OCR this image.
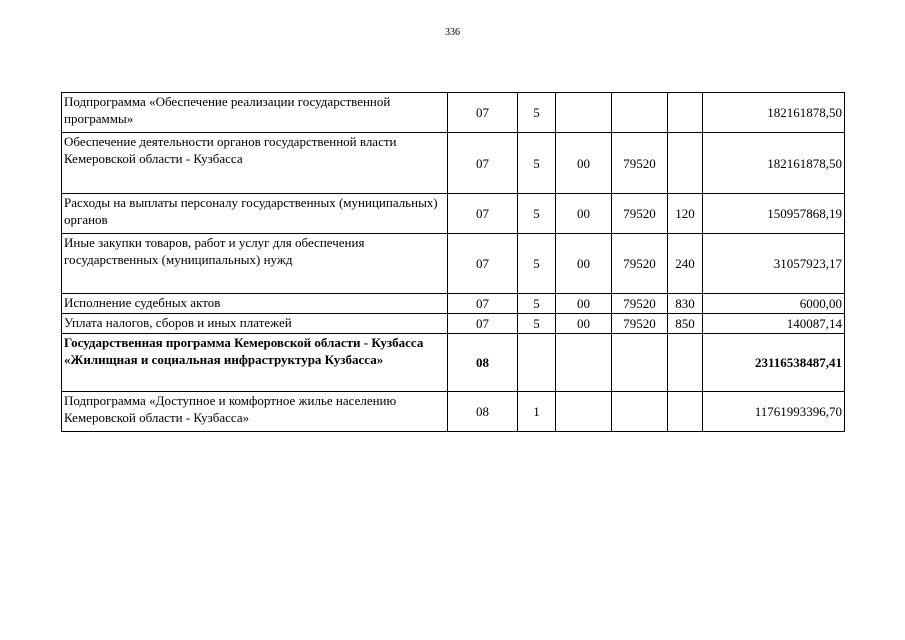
336
Подпрограмма «Обеспечение реализации государственной программы»	07	5				182161878,50
Обеспечение деятельности органов государственной власти Кемеровской области - Кузбасса	07	5	00	79520		182161878,50
Расходы на выплаты персоналу государственных (муниципальных) органов	07	5	00	79520	120	150957868,19
Иные закупки товаров, работ и услуг для обеспечения государственных (муниципальных) нужд	07	5	00	79520	240	31057923,17
Исполнение судебных актов	07	5	00	79520	830	6000,00
Уплата налогов, сборов и иных платежей	07	5	00	79520	850	140087,14
Государственная программа Кемеровской области - Кузбасса «Жилищная и социальная инфраструктура Кузбасса»	08					23116538487,41
Подпрограмма «Доступное и комфортное жилье населению Кемеровской области - Кузбасса»	08	1				11761993396,70
